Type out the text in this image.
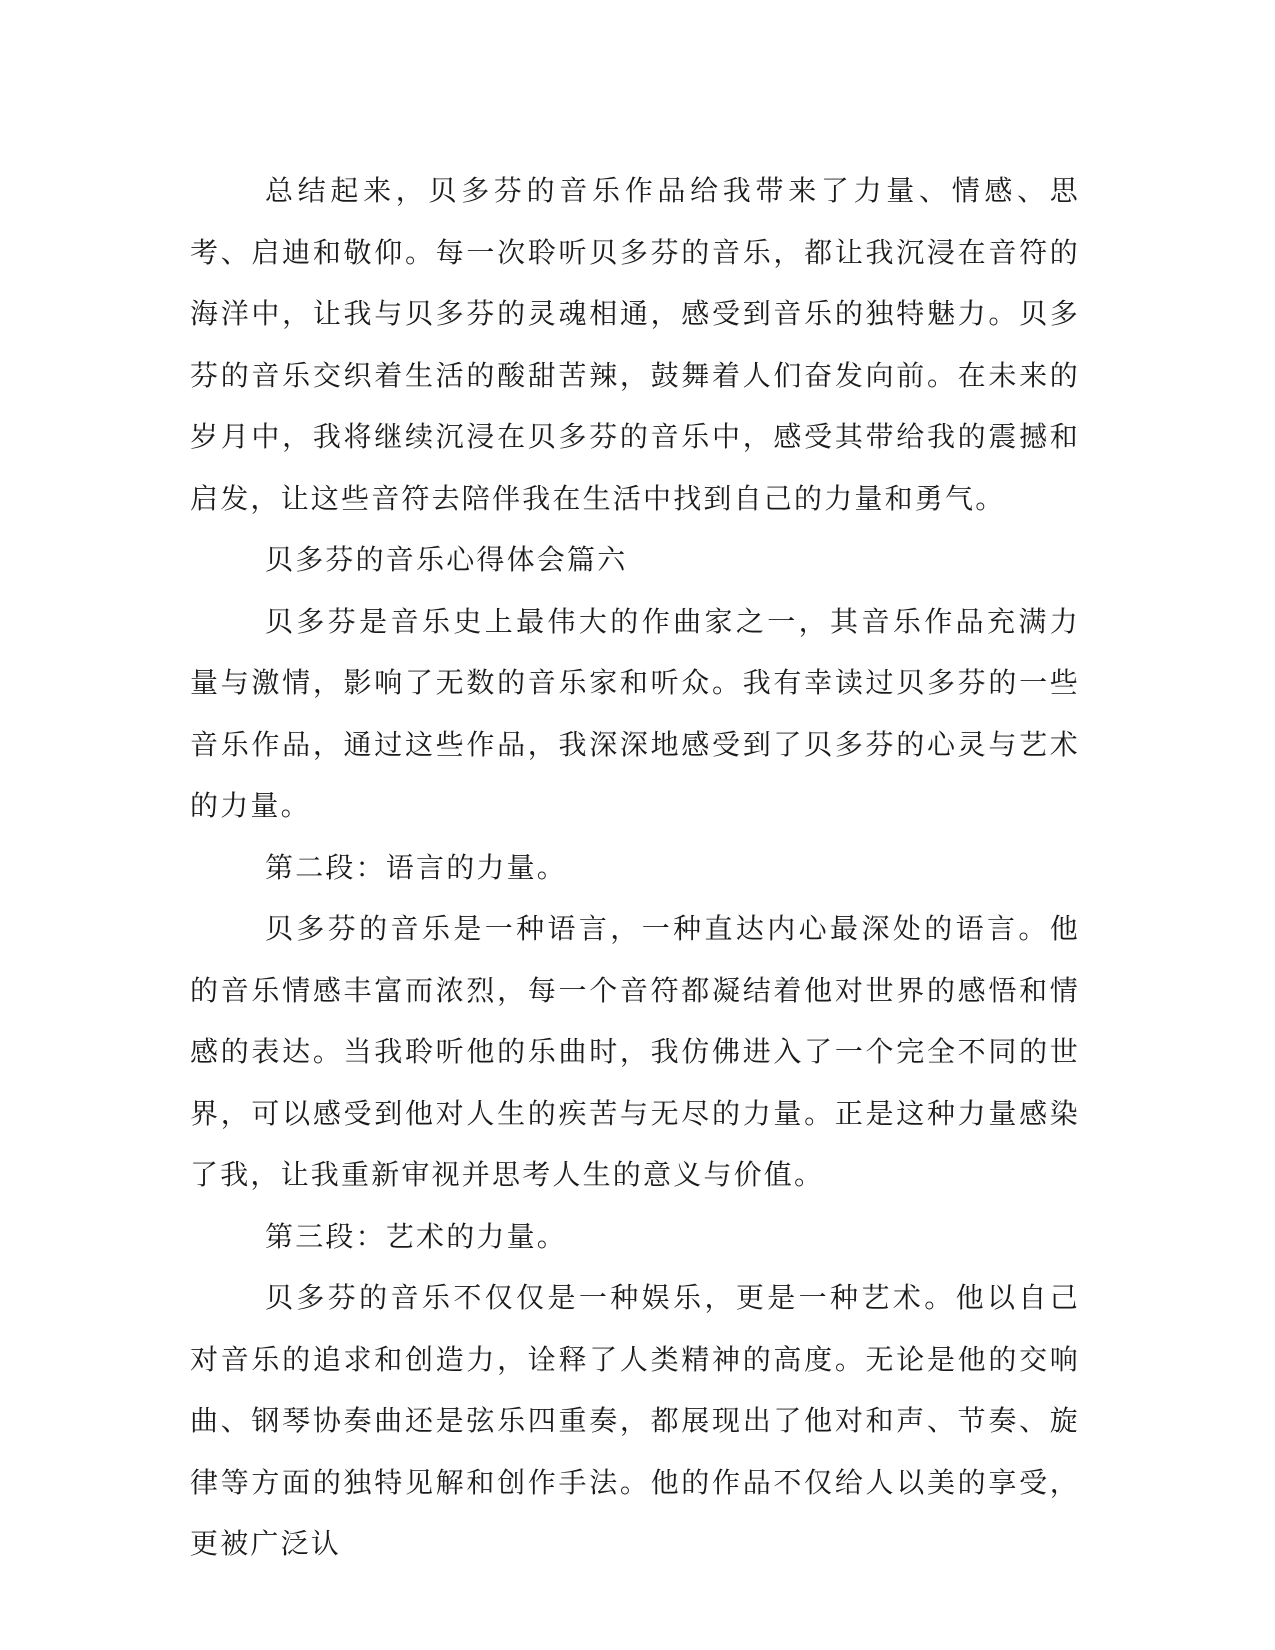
总结起来，贝多芬的音乐作品给我带来了力量、情感、思考、启迪和敬仰。每一次聆听贝多芬的音乐，都让我沉浸在音符的海洋中，让我与贝多芬的灵魂相通，感受到音乐的独特魅力。贝多芬的音乐交织着生活的酸甜苦辣，鼓舞着人们奋发向前。在未来的岁月中，我将继续沉浸在贝多芬的音乐中，感受其带给我的震撼和启发，让这些音符去陪伴我在生活中找到自己的力量和勇气。

贝多芬的音乐心得体会篇六

贝多芬是音乐史上最伟大的作曲家之一，其音乐作品充满力量与激情，影响了无数的音乐家和听众。我有幸读过贝多芬的一些音乐作品，通过这些作品，我深深地感受到了贝多芬的心灵与艺术的力量。

第二段：语言的力量。

贝多芬的音乐是一种语言，一种直达内心最深处的语言。他的音乐情感丰富而浓烈，每一个音符都凝结着他对世界的感悟和情感的表达。当我聆听他的乐曲时，我仿佛进入了一个完全不同的世界，可以感受到他对人生的疾苦与无尽的力量。正是这种力量感染了我，让我重新审视并思考人生的意义与价值。

第三段：艺术的力量。

贝多芬的音乐不仅仅是一种娱乐，更是一种艺术。他以自己对音乐的追求和创造力，诠释了人类精神的高度。无论是他的交响曲、钢琴协奏曲还是弦乐四重奏，都展现出了他对和声、节奏、旋律等方面的独特见解和创作手法。他的作品不仅给人以美的享受，更被广泛认
